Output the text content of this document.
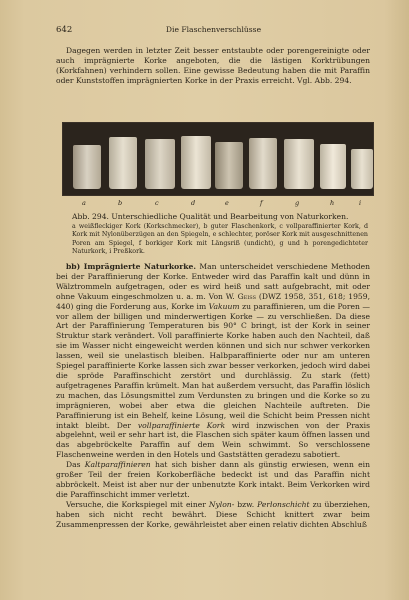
642	Die Flaschenverschlüsse

Dagegen werden in letzter Zeit besser entstaubte oder porengereinigte oder auch imprägnierte Korke angeboten, die die lästigen Korktrübungen (Korkfahnen) verhindern sollen. Eine gewisse Bedeutung haben die mit Paraffin oder Kunststoffen imprägnierten Korke in der Praxis erreicht. Vgl. Abb. 294.

a	b	c	d	e	f	g	h	i
Abb. 294. Unterschiedliche Qualität und Bearbeitung von Naturkorken.
a weißfleckiger Kork (Korkschmecker), b guter Flaschenkork, c vollparaffinierter Kork, d Kork mit Nylonüberzügen an den Spiegeln, e schlechter, poröser Kork mit ausgeschnittenen Poren am Spiegel, f borkiger Kork mit Längsriß (undicht), g und h porengedichteter Naturkork, i Preßkork.

bb) Imprägnierte Naturkorke. Man unterscheidet verschiedene Methoden bei der Paraffinierung der Korke. Entweder wird das Paraffin kalt und dünn in Wälztrommeln aufgetragen, oder es wird heiß und satt aufgebracht, mit oder ohne Vakuum eingeschmolzen u. a. m. Von W. Geiss (DWZ 1958, 351, 618; 1959, 440) ging die Forderung aus, Korke im Vakuum zu paraffinieren, um die Poren — vor allem der billigen und minderwertigen Korke — zu verschließen. Da diese Art der Paraffinierung Temperaturen bis 90° C bringt, ist der Kork in seiner Struktur stark verändert. Voll paraffinierte Korke haben auch den Nachteil, daß sie im Wasser nicht eingeweicht werden können und sich nur schwer verkorken lassen, weil sie unelastisch bleiben. Halbparaffinierte oder nur am unteren Spiegel paraffinierte Korke lassen sich zwar besser verkorken, jedoch wird dabei die spröde Paraffinschicht zerstört und durchlässig. Zu stark (fett) aufgetragenes Paraffin krümelt. Man hat außerdem versucht, das Paraffin löslich zu machen, das Lösungsmittel zum Verdunsten zu bringen und die Korke so zu imprägnieren, wobei aber etwa die gleichen Nachteile auftreten. Die Paraffinierung ist ein Behelf, keine Lösung, weil die Schicht beim Pressen nicht intakt bleibt. Der vollparaffinierte Kork wird inzwischen von der Praxis abgelehnt, weil er sehr hart ist, die Flaschen sich später kaum öffnen lassen und das abgebröckelte Paraffin auf dem Wein schwimmt. So verschlossene Flaschenweine werden in den Hotels und Gaststätten geradezu sabotiert.

Das Kaltparaffinieren hat sich bisher dann als günstig erwiesen, wenn ein großer Teil der freien Korkoberfläche bedeckt ist und das Paraffin nicht abbröckelt. Meist ist aber nur der unbenutzte Kork intakt. Beim Verkorken wird die Paraffinschicht immer verletzt.

Versuche, die Korkspiegel mit einer Nylon- bzw. Perlonschicht zu überziehen, haben sich nicht recht bewährt. Diese Schicht knittert zwar beim Zusammenpressen der Korke, gewährleistet aber einen relativ dichten Abschluß
